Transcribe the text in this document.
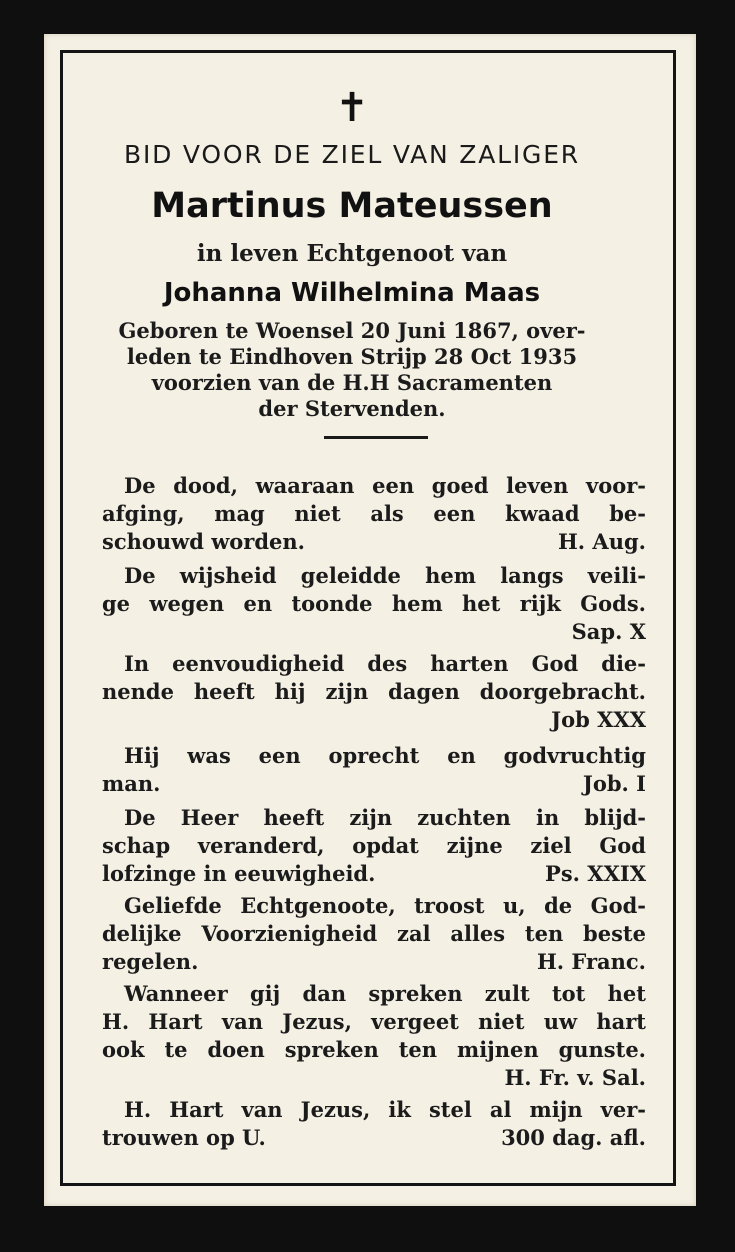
✝
BID VOOR DE ZIEL VAN ZALIGER
Martinus Mateussen
in leven Echtgenoot van
Johanna Wilhelmina Maas
Geboren te Woensel 20 Juni 1867, over-
leden te Eindhoven Strijp 28 Oct 1935
voorzien van de H.H Sacramenten
der Stervenden.
De dood, waaraan een goed leven voor-
afging, mag niet als een kwaad be-
schouwd worden.	H. Aug.
De wijsheid geleidde hem langs veili-
ge wegen en toonde hem het rijk Gods.
Sap. X
In eenvoudigheid des harten God die-
nende heeft hij zijn dagen doorgebracht.
Job XXX
Hij was een oprecht en godvruchtig
man.	Job. I
De Heer heeft zijn zuchten in blijd-
schap veranderd, opdat zijne ziel God
lofzinge in eeuwigheid.	Ps. XXIX
Geliefde Echtgenoote, troost u, de God-
delijke Voorzienigheid zal alles ten beste
regelen.	H. Franc.
Wanneer gij dan spreken zult tot het
H. Hart van Jezus, vergeet niet uw hart
ook te doen spreken ten mijnen gunste.
H. Fr. v. Sal.
H. Hart van Jezus, ik stel al mijn ver-
trouwen op U.	300 dag. afl.
